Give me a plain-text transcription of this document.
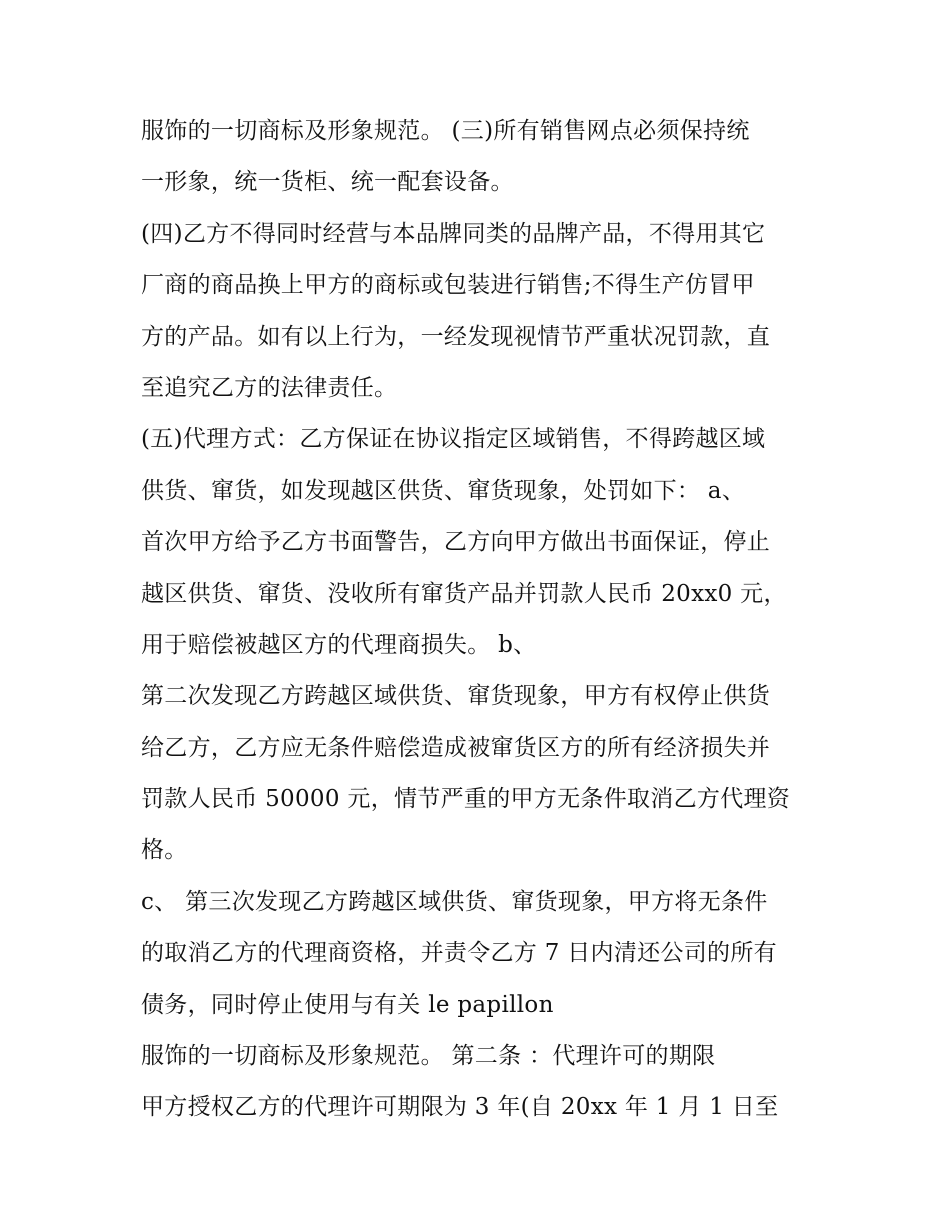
服饰的一切商标及形象规范。 (三)所有销售网点必须保持统
一形象，统一货柜、统一配套设备。
(四)乙方不得同时经营与本品牌同类的品牌产品，不得用其它
厂商的商品换上甲方的商标或包装进行销售;不得生产仿冒甲
方的产品。如有以上行为，一经发现视情节严重状况罚款，直
至追究乙方的法律责任。
(五)代理方式：乙方保证在协议指定区域销售，不得跨越区域
供货、窜货，如发现越区供货、窜货现象，处罚如下： a、
首次甲方给予乙方书面警告，乙方向甲方做出书面保证，停止
越区供货、窜货、没收所有窜货产品并罚款人民币 20xx0 元，
用于赔偿被越区方的代理商损失。 b、
第二次发现乙方跨越区域供货、窜货现象，甲方有权停止供货
给乙方，乙方应无条件赔偿造成被窜货区方的所有经济损失并
罚款人民币 50000 元，情节严重的甲方无条件取消乙方代理资
格。
c、 第三次发现乙方跨越区域供货、窜货现象，甲方将无条件
的取消乙方的代理商资格，并责令乙方 7 日内清还公司的所有
债务，同时停止使用与有关 le papillon
服饰的一切商标及形象规范。 第二条 ：代理许可的期限
甲方授权乙方的代理许可期限为 3 年(自 20xx 年 1 月 1 日至
